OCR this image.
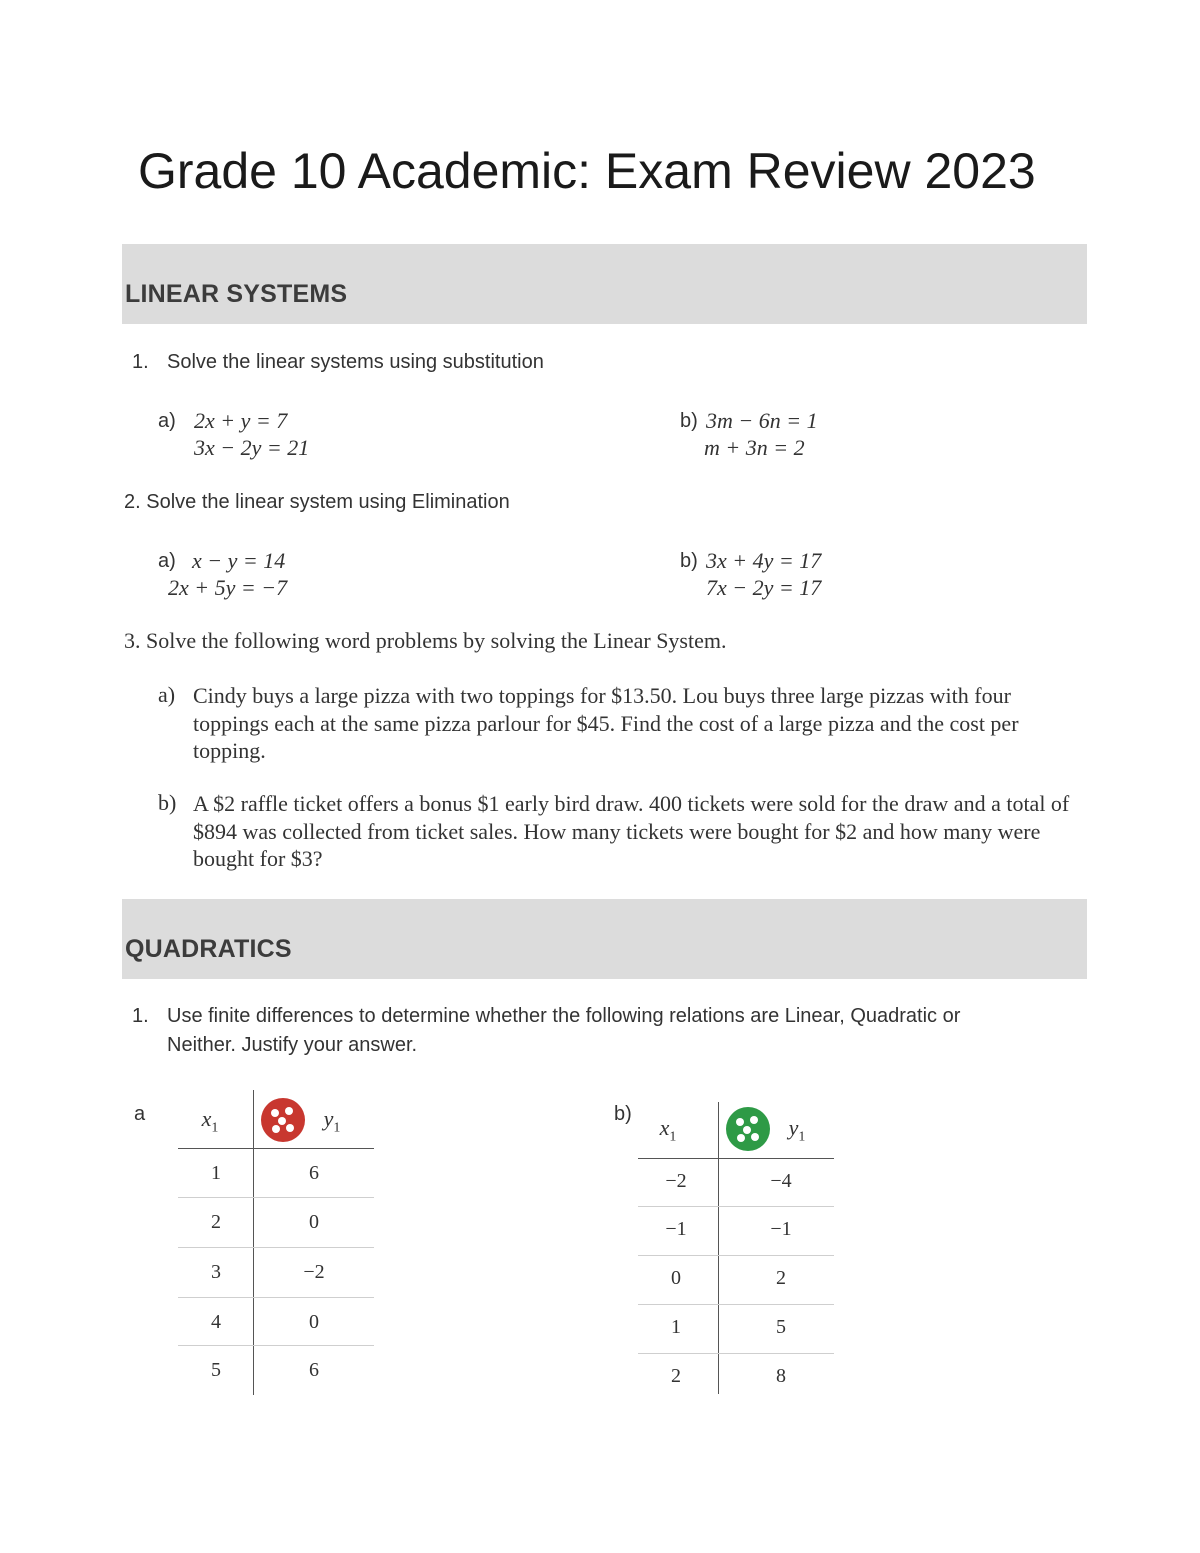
Grade 10 Academic: Exam Review 2023
LINEAR SYSTEMS
1. Solve the linear systems using substitution
a) 2x + y = 7
3x − 2y = 21
b) 3m − 6n = 1
m + 3n = 2
2. Solve the linear system using Elimination
a) x − y = 14
2x + 5y = −7
b) 3x + 4y = 17
7x − 2y = 17
3. Solve the following word problems by solving the Linear System.
a) Cindy buys a large pizza with two toppings for $13.50. Lou buys three large pizzas with four toppings each at the same pizza parlour for $45. Find the cost of a large pizza and the cost per topping.
b) A $2 raffle ticket offers a bonus $1 early bird draw. 400 tickets were sold for the draw and a total of $894 was collected from ticket sales. How many tickets were bought for $2 and how many were bought for $3?
QUADRATICS
1. Use finite differences to determine whether the following relations are Linear, Quadratic or
Neither. Justify your answer.
a	$x_1$	$y_1$
1	6
2	0
3	−2
4	0
5	6
b)
$x_1$	$y_1$
−2	−4
−1	−1
0	2
1	5
2	8
